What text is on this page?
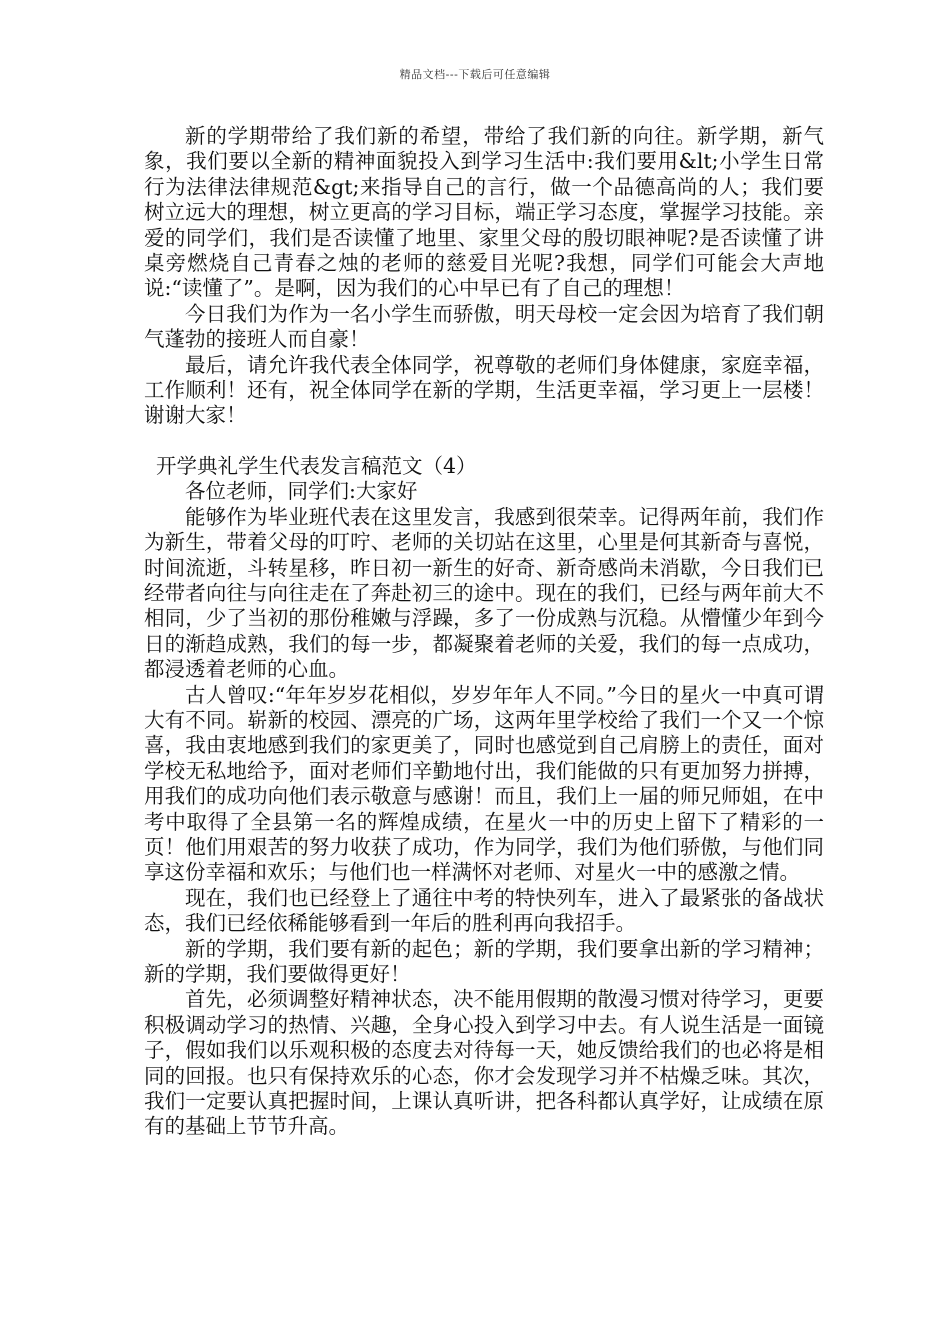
精品文档---下载后可任意编辑

新的学期带给了我们新的希望，带给了我们新的向往。新学期，新气象，我们要以全新的精神面貌投入到学习生活中:我们要用&lt;小学生日常行为法律法律规范&gt;来指导自己的言行，做一个品德高尚的人；我们要树立远大的理想，树立更高的学习目标，端正学习态度，掌握学习技能。亲爱的同学们，我们是否读懂了地里、家里父母的殷切眼神呢?是否读懂了讲桌旁燃烧自己青春之烛的老师的慈爱目光呢?我想，同学们可能会大声地说:“读懂了”。是啊，因为我们的心中早已有了自己的理想！

今日我们为作为一名小学生而骄傲，明天母校一定会因为培育了我们朝气蓬勃的接班人而自豪！

最后，请允许我代表全体同学，祝尊敬的老师们身体健康，家庭幸福，工作顺利！还有，祝全体同学在新的学期，生活更幸福，学习更上一层楼！谢谢大家！

开学典礼学生代表发言稿范文（4）

各位老师，同学们:大家好

能够作为毕业班代表在这里发言，我感到很荣幸。记得两年前，我们作为新生，带着父母的叮咛、老师的关切站在这里，心里是何其新奇与喜悦，时间流逝，斗转星移，昨日初一新生的好奇、新奇感尚未消歇，今日我们已经带者向往与向往走在了奔赴初三的途中。现在的我们，已经与两年前大不相同，少了当初的那份稚嫩与浮躁，多了一份成熟与沉稳。从懵懂少年到今日的渐趋成熟，我们的每一步，都凝聚着老师的关爱，我们的每一点成功，都浸透着老师的心血。

古人曾叹:“年年岁岁花相似，岁岁年年人不同。”今日的星火一中真可谓大有不同。崭新的校园、漂亮的广场，这两年里学校给了我们一个又一个惊喜，我由衷地感到我们的家更美了，同时也感觉到自己肩膀上的责任，面对学校无私地给予，面对老师们辛勤地付出，我们能做的只有更加努力拼搏，用我们的成功向他们表示敬意与感谢！而且，我们上一届的师兄师姐，在中考中取得了全县第一名的辉煌成绩，在星火一中的历史上留下了精彩的一页！他们用艰苦的努力收获了成功，作为同学，我们为他们骄傲，与他们同享这份幸福和欢乐；与他们也一样满怀对老师、对星火一中的感激之情。

现在，我们也已经登上了通往中考的特快列车，进入了最紧张的备战状态，我们已经依稀能够看到一年后的胜利再向我招手。

新的学期，我们要有新的起色；新的学期，我们要拿出新的学习精神；新的学期，我们要做得更好！

首先，必须调整好精神状态，决不能用假期的散漫习惯对待学习，更要积极调动学习的热情、兴趣，全身心投入到学习中去。有人说生活是一面镜子，假如我们以乐观积极的态度去对待每一天，她反馈给我们的也必将是相同的回报。也只有保持欢乐的心态，你才会发现学习并不枯燥乏味。其次，我们一定要认真把握时间，上课认真听讲，把各科都认真学好，让成绩在原有的基础上节节升高。
